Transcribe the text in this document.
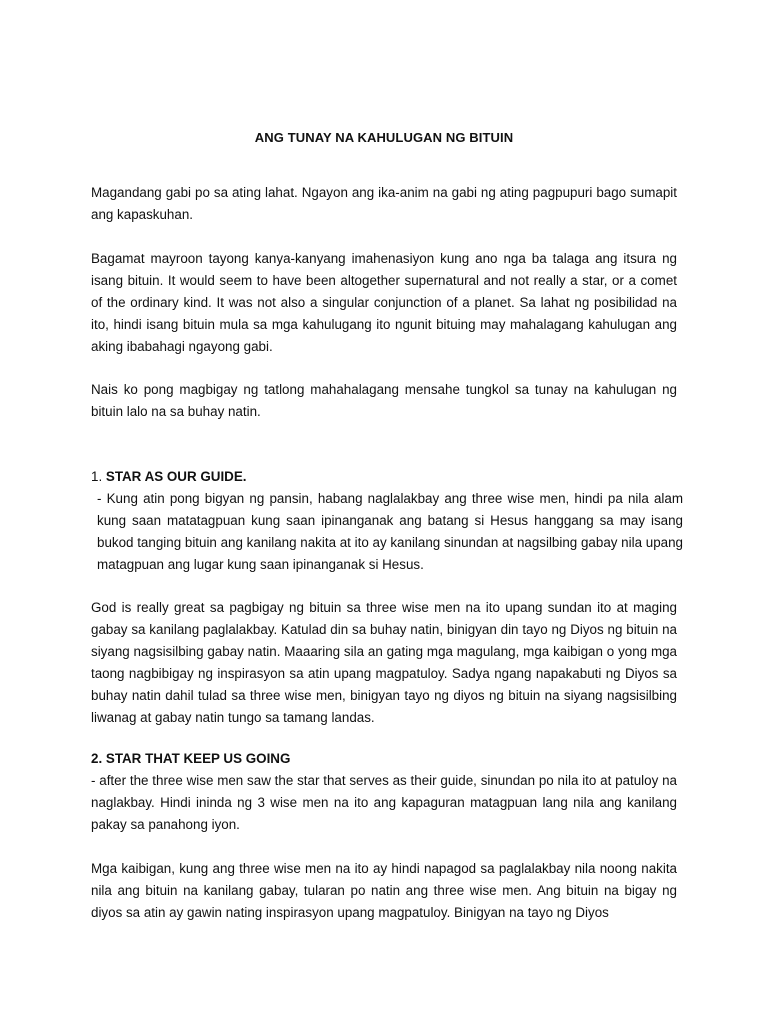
ANG TUNAY NA KAHULUGAN NG BITUIN

Magandang gabi po sa ating lahat. Ngayon ang ika-anim na gabi ng ating pagpupuri bago sumapit ang kapaskuhan.

Bagamat mayroon tayong kanya-kanyang imahenasiyon kung ano nga ba talaga ang itsura ng isang bituin. It would seem to have been altogether supernatural and not really a star, or a comet of the ordinary kind. It was not also a singular conjunction of a planet. Sa lahat ng posibilidad na ito, hindi isang bituin mula sa mga kahulugang ito ngunit bituing may mahalagang kahulugan ang aking ibabahagi ngayong gabi.

Nais ko pong magbigay ng tatlong mahahalagang mensahe tungkol sa tunay na kahulugan ng bituin lalo na sa buhay natin.

1. STAR AS OUR GUIDE.

- Kung atin pong bigyan ng pansin, habang naglalakbay ang three wise men, hindi pa nila alam kung saan matatagpuan kung saan ipinanganak ang batang si Hesus hanggang sa may isang bukod tanging bituin ang kanilang nakita at ito ay kanilang sinundan at nagsilbing gabay nila upang matagpuan ang lugar kung saan ipinanganak si Hesus.

God is really great sa pagbigay ng bituin sa three wise men na ito upang sundan ito at maging gabay sa kanilang paglalakbay. Katulad din sa buhay natin, binigyan din tayo ng Diyos ng bituin na siyang nagsisilbing gabay natin. Maaaring sila an gating mga magulang, mga kaibigan o yong mga taong nagbibigay ng inspirasyon sa atin upang magpatuloy. Sadya ngang napakabuti ng Diyos sa buhay natin dahil tulad sa three wise men, binigyan tayo ng diyos ng bituin na siyang nagsisilbing liwanag at gabay natin tungo sa tamang landas.

2. STAR THAT KEEP US GOING

- after the three wise men saw the star that serves as their guide, sinundan po nila ito at patuloy na naglakbay. Hindi ininda ng 3 wise men na ito ang kapaguran matagpuan lang nila ang kanilang pakay sa panahong iyon.

Mga kaibigan, kung ang three wise men na ito ay hindi napagod sa paglalakbay nila noong nakita nila ang bituin na kanilang gabay, tularan po natin ang three wise men. Ang bituin na bigay ng diyos sa atin ay gawin nating inspirasyon upang magpatuloy. Binigyan na tayo ng Diyos
